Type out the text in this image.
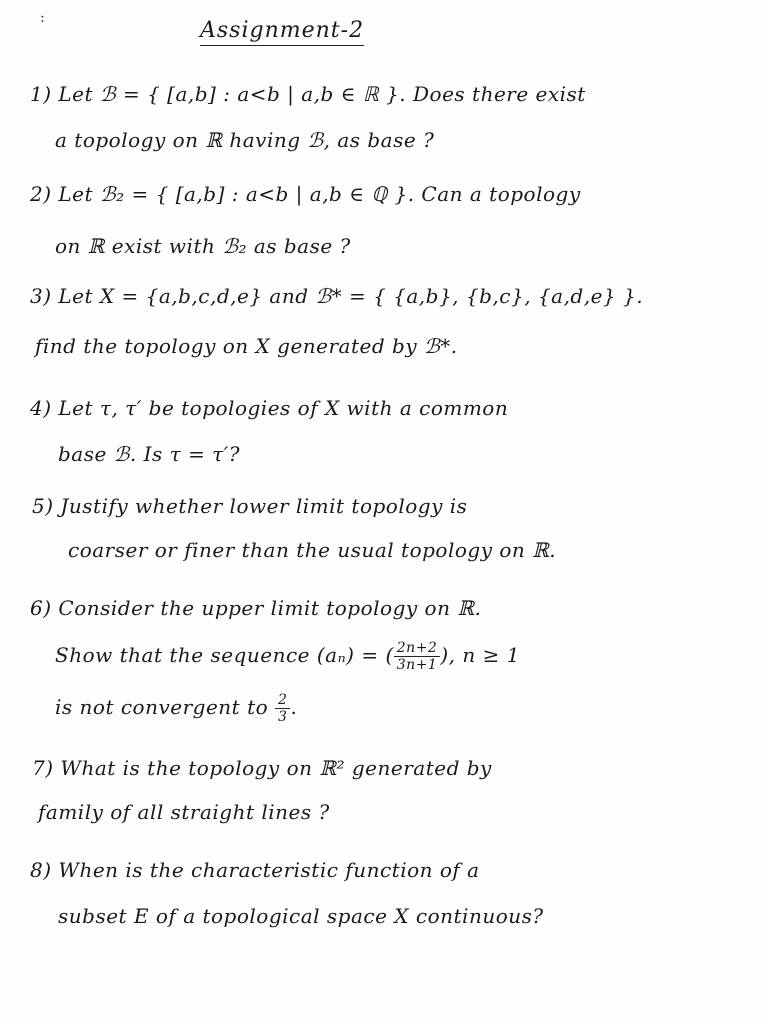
:	Assignment-2
1) Let ℬ = { [a,b] : a<b | a,b ∈ ℝ }. Does there exist
a topology on ℝ having ℬ, as base ?
2) Let ℬ₂ = { [a,b] : a<b | a,b ∈ ℚ }. Can a topology
on ℝ exist with ℬ₂ as base ?
3) Let X = {a,b,c,d,e} and ℬ* = { {a,b}, {b,c}, {a,d,e} }.
find the topology on X generated by ℬ*.
4) Let τ, τ′ be topologies of X with a common
base ℬ. Is τ = τ′?
5) Justify whether lower limit topology is
coarser or finer than the usual topology on ℝ.
6) Consider the upper limit topology on ℝ.
Show that the sequence (aₙ) = ( $\frac{2n+2}{3n+1}$ ), n ≥ 1
is not convergent to $\frac{2}{3}$ .
7) What is the topology on ℝ² generated by
family of all straight lines ?
8) When is the characteristic function of a
subset E of a topological space X continuous?
